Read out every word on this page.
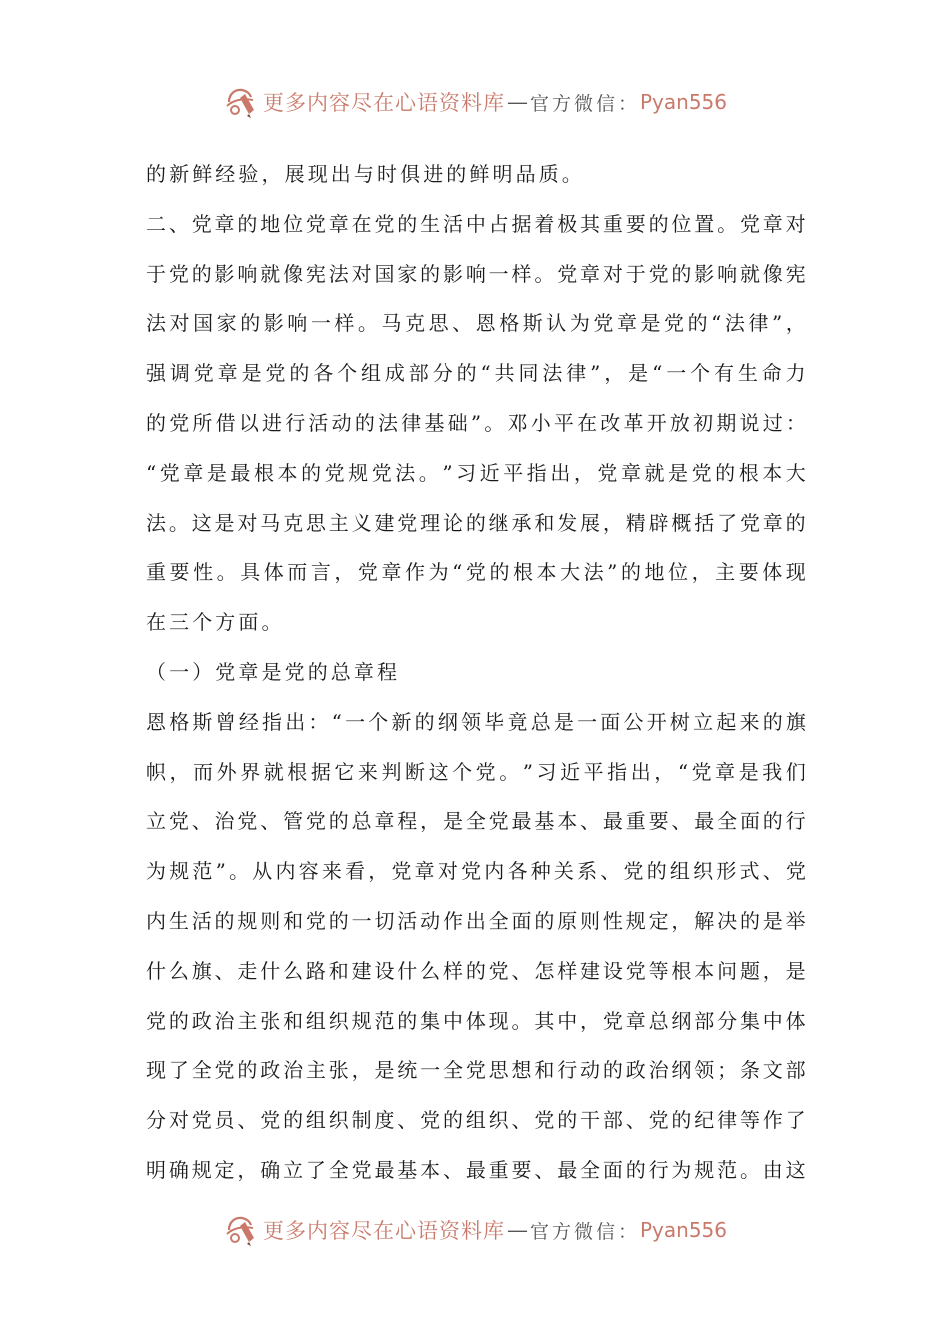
更多内容尽在心语资料库 — 官方微信： Pyan556
的新鲜经验，展现出与时俱进的鲜明品质。
二 、 党 章 的 地 位 党 章 在 党 的 生 活 中 占 据 着 极 其 重 要 的 位 置 。 党 章 对
于 党 的 影 响 就 像 宪 法 对 国 家 的 影 响 一 样 。 党 章 对 于 党 的 影 响 就 像 宪
法 对 国 家 的 影 响 一 样 。 马 克 思 、 恩 格 斯 认 为 党 章 是 党 的 “ 法 律 ” ，
强 调 党 章 是 党 的 各 个 组 成 部 分 的 “ 共 同 法 律 ” ， 是 “ 一 个 有 生 命 力
的 党 所 借 以 进 行 活 动 的 法 律 基 础 ” 。 邓 小 平 在 改 革 开 放 初 期 说 过 ：
“ 党 章 是 最 根 本 的 党 规 党 法 。 ” 习 近 平 指 出 ， 党 章 就 是 党 的 根 本 大
法 。 这 是 对 马 克 思 主 义 建 党 理 论 的 继 承 和 发 展 ， 精 辟 概 括 了 党 章 的
重 要 性 。 具 体 而 言 ， 党 章 作 为 “ 党 的 根 本 大 法 ” 的 地 位 ， 主 要 体 现
在三个方面。
（一）党章是党的总章程
恩 格 斯 曾 经 指 出 ： “ 一 个 新 的 纲 领 毕 竟 总 是 一 面 公 开 树 立 起 来 的 旗
帜 ， 而 外 界 就 根 据 它 来 判 断 这 个 党 。 ” 习 近 平 指 出 ， “ 党 章 是 我 们
立 党 、 治 党 、 管 党 的 总 章 程 ， 是 全 党 最 基 本 、 最 重 要 、 最 全 面 的 行
为 规 范 ” 。 从 内 容 来 看 ， 党 章 对 党 内 各 种 关 系 、 党 的 组 织 形 式 、 党
内 生 活 的 规 则 和 党 的 一 切 活 动 作 出 全 面 的 原 则 性 规 定 ， 解 决 的 是 举
什 么 旗 、 走 什 么 路 和 建 设 什 么 样 的 党 、 怎 样 建 设 党 等 根 本 问 题 ， 是
党 的 政 治 主 张 和 组 织 规 范 的 集 中 体 现 。 其 中 ， 党 章 总 纲 部 分 集 中 体
现 了 全 党 的 政 治 主 张 ， 是 统 一 全 党 思 想 和 行 动 的 政 治 纲 领 ； 条 文 部
分 对 党 员 、 党 的 组 织 制 度 、 党 的 组 织 、 党 的 干 部 、 党 的 纪 律 等 作 了
明 确 规 定 ， 确 立 了 全 党 最 基 本 、 最 重 要 、 最 全 面 的 行 为 规 范 。 由 这
更多内容尽在心语资料库 — 官方微信： Pyan556
